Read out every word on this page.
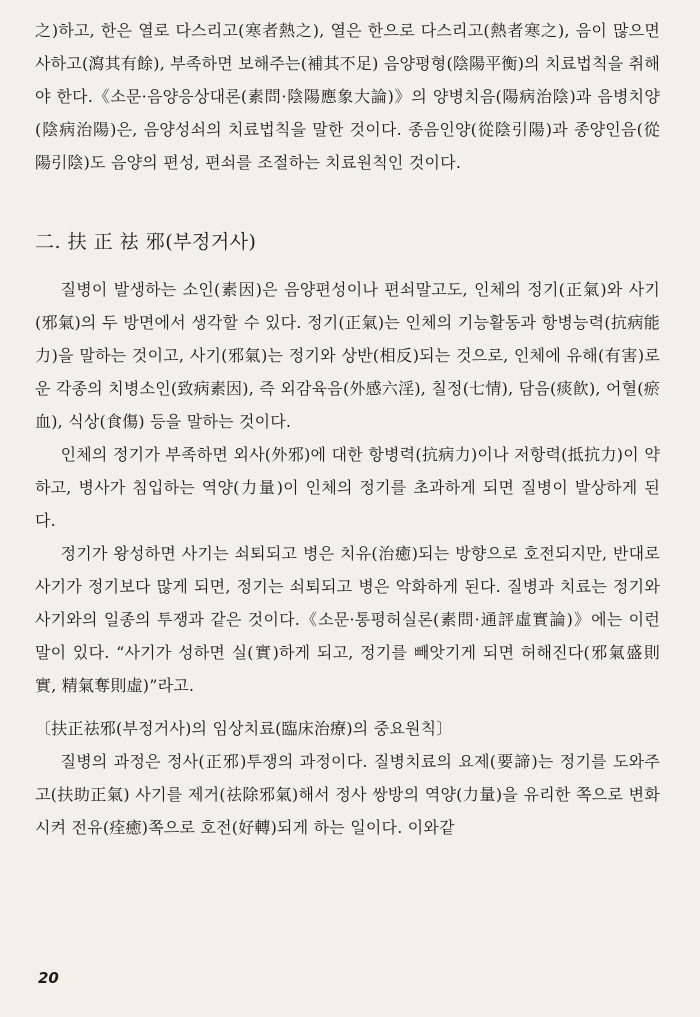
之)하고, 한은 열로 다스리고(寒者熱之), 열은 한으로 다스리고(熱者寒之), 음이 많으면 사하고(瀉其有餘), 부족하면 보해주는(補其不足) 음양평형(陰陽平衡)의 치료법칙을 취해야 한다.《소문·음양응상대론(素問·陰陽應象大論)》의 양병치음(陽病治陰)과 음병치양(陰病治陽)은, 음양성쇠의 치료법칙을 말한 것이다. 종음인양(從陰引陽)과 종양인음(從陽引陰)도 음양의 편성, 편쇠를 조절하는 치료원칙인 것이다.

二. 扶 正 祛 邪(부정거사)

질병이 발생하는 소인(素因)은 음양편성이나 편쇠말고도, 인체의 정기(正氣)와 사기(邪氣)의 두 방면에서 생각할 수 있다. 정기(正氣)는 인체의 기능활동과 항병능력(抗病能力)을 말하는 것이고, 사기(邪氣)는 정기와 상반(相反)되는 것으로, 인체에 유해(有害)로운 각종의 치병소인(致病素因), 즉 외감육음(外感六淫), 칠정(七情), 담음(痰飮), 어혈(瘀血), 식상(食傷) 등을 말하는 것이다.

인체의 정기가 부족하면 외사(外邪)에 대한 항병력(抗病力)이나 저항력(抵抗力)이 약하고, 병사가 침입하는 역양(力量)이 인체의 정기를 초과하게 되면 질병이 발상하게 된다.

정기가 왕성하면 사기는 쇠퇴되고 병은 치유(治癒)되는 방향으로 호전되지만, 반대로 사기가 정기보다 많게 되면, 정기는 쇠퇴되고 병은 악화하게 된다. 질병과 치료는 정기와 사기와의 일종의 투쟁과 같은 것이다.《소문·통평허실론(素問·通評虛實論)》에는 이런 말이 있다. “사기가 성하면 실(實)하게 되고, 정기를 빼앗기게 되면 허해진다(邪氣盛則實, 精氣奪則虛)”라고.

〔扶正祛邪(부정거사)의 임상치료(臨床治療)의 중요원칙〕

질병의 과정은 정사(正邪)투쟁의 과정이다. 질병치료의 요제(要諦)는 정기를 도와주고(扶助正氣) 사기를 제거(祛除邪氣)해서 정사 쌍방의 역양(力量)을 유리한 쪽으로 변화시켜 전유(痊癒)쪽으로 호전(好轉)되게 하는 일이다. 이와같

20
